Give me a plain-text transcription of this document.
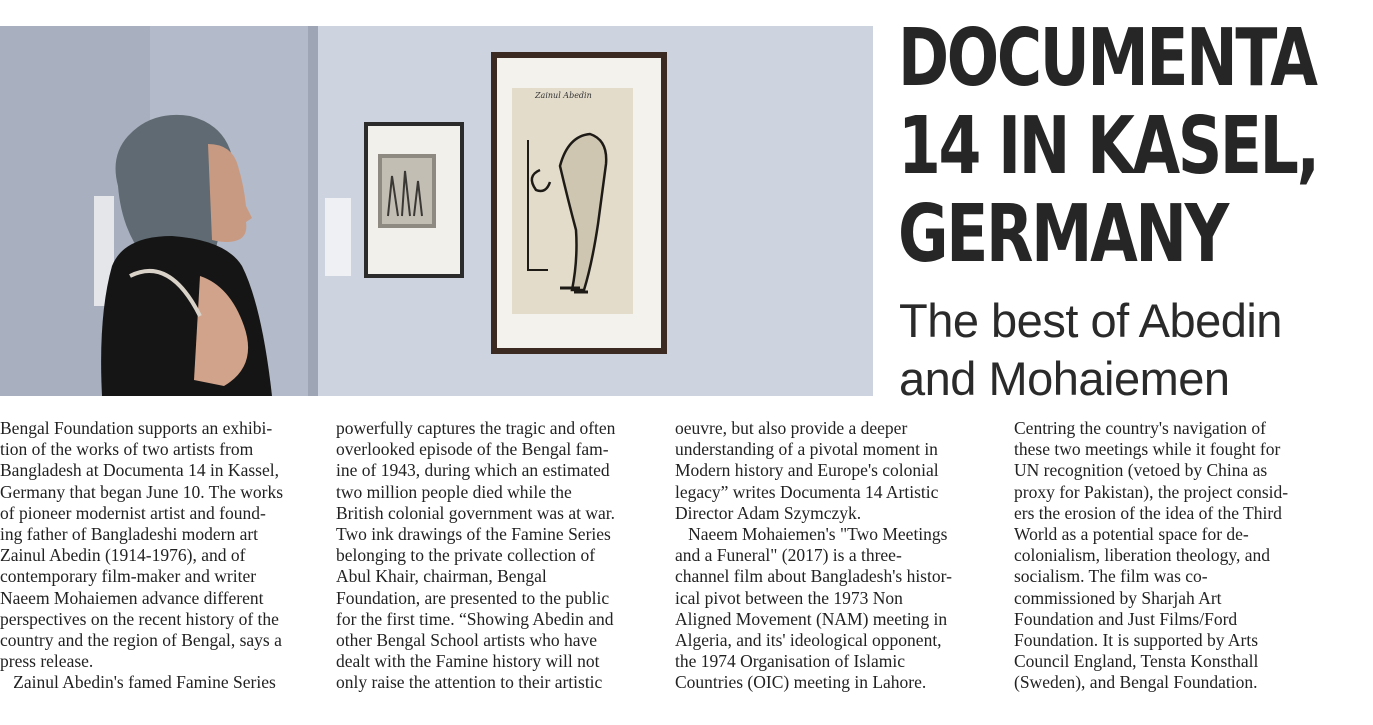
Zainul Abedin	DOCUMENTA
14 IN KASEL,
GERMANY
The best of Abedin
and Mohaiemen
Bengal Foundation supports an exhibi-
tion of the works of two artists from
Bangladesh at Documenta 14 in Kassel,
Germany that began June 10. The works
of pioneer modernist artist and found-
ing father of Bangladeshi modern art
Zainul Abedin (1914-1976), and of
contemporary film-maker and writer
Naeem Mohaiemen advance different
perspectives on the recent history of the
country and the region of Bengal, says a
press release.
Zainul Abedin's famed Famine Series
powerfully captures the tragic and often
overlooked episode of the Bengal fam-
ine of 1943, during which an estimated
two million people died while the
British colonial government was at war.
Two ink drawings of the Famine Series
belonging to the private collection of
Abul Khair, chairman, Bengal
Foundation, are presented to the public
for the first time. “Showing Abedin and
other Bengal School artists who have
dealt with the Famine history will not
only raise the attention to their artistic
oeuvre, but also provide a deeper
understanding of a pivotal moment in
Modern history and Europe's colonial
legacy” writes Documenta 14 Artistic
Director Adam Szymczyk.
Naeem Mohaiemen's "Two Meetings
and a Funeral" (2017) is a three-
channel film about Bangladesh's histor-
ical pivot between the 1973 Non
Aligned Movement (NAM) meeting in
Algeria, and its' ideological opponent,
the 1974 Organisation of Islamic
Countries (OIC) meeting in Lahore.
Centring the country's navigation of
these two meetings while it fought for
UN recognition (vetoed by China as
proxy for Pakistan), the project consid-
ers the erosion of the idea of the Third
World as a potential space for de-
colonialism, liberation theology, and
socialism. The film was co-
commissioned by Sharjah Art
Foundation and Just Films/Ford
Foundation. It is supported by Arts
Council England, Tensta Konsthall
(Sweden), and Bengal Foundation.
